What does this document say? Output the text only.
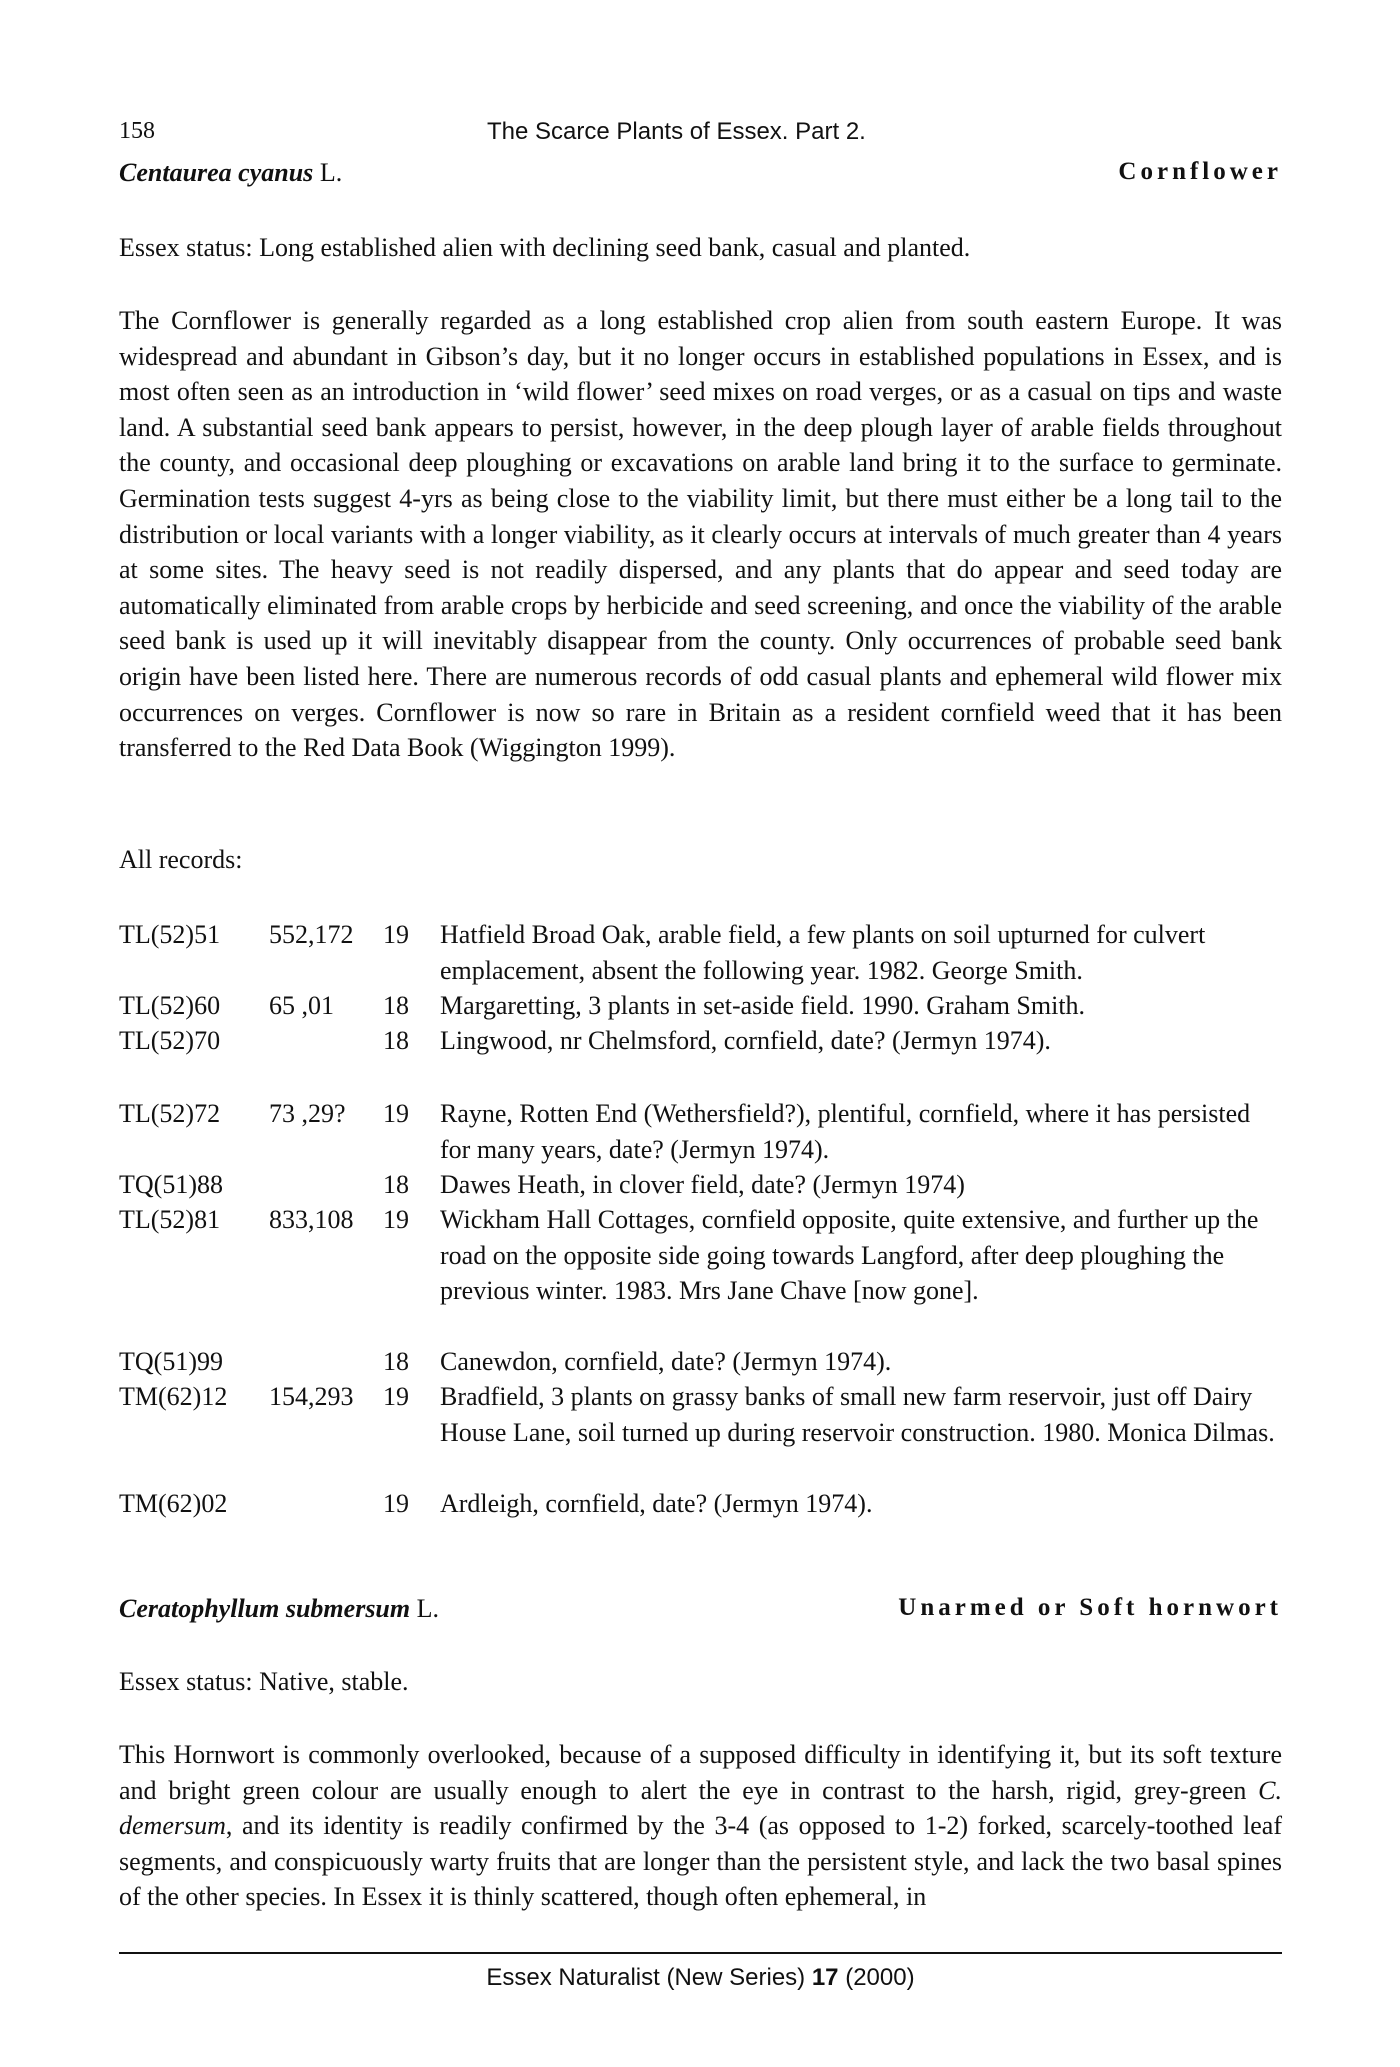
158	The Scarce Plants of Essex. Part 2.
Centaurea cyanus L.	Cornflower
Essex status: Long established alien with declining seed bank, casual and planted.

The Cornflower is generally regarded as a long established crop alien from south eastern Europe. It was widespread and abundant in Gibson’s day, but it no longer occurs in established populations in Essex, and is most often seen as an introduction in ‘wild flower’ seed mixes on road verges, or as a casual on tips and waste land. A substantial seed bank appears to persist, however, in the deep plough layer of arable fields throughout the county, and occasional deep ploughing or excavations on arable land bring it to the surface to germinate. Germination tests suggest 4-yrs as being close to the viability limit, but there must either be a long tail to the distribution or local variants with a longer viability, as it clearly occurs at intervals of much greater than 4 years at some sites. The heavy seed is not readily dispersed, and any plants that do appear and seed today are automatically eliminated from arable crops by herbicide and seed screening, and once the viability of the arable seed bank is used up it will inevitably disappear from the county. Only occurrences of probable seed bank origin have been listed here. There are numerous records of odd casual plants and ephemeral wild flower mix occurrences on verges. Cornflower is now so rare in Britain as a resident cornfield weed that it has been transferred to the Red Data Book (Wiggington 1999).

All records:
TL(52)51 552,172 19 Hatfield Broad Oak, arable field, a few plants on soil upturned for culvert emplacement, absent the following year. 1982. George Smith.
TL(52)60 65 ,01 18 Margaretting, 3 plants in set-aside field. 1990. Graham Smith.
TL(52)70	18 Lingwood, nr Chelmsford, cornfield, date? (Jermyn 1974).
TL(52)72 73 ,29? 19 Rayne, Rotten End (Wethersfield?), plentiful, cornfield, where it has persisted for many years, date? (Jermyn 1974).
TQ(51)88	18 Dawes Heath, in clover field, date? (Jermyn 1974)
TL(52)81 833,108 19 Wickham Hall Cottages, cornfield opposite, quite extensive, and further up the road on the opposite side going towards Langford, after deep ploughing the previous winter. 1983. Mrs Jane Chave [now gone].
TQ(51)99	18 Canewdon, cornfield, date? (Jermyn 1974).
TM(62)12 154,293 19 Bradfield, 3 plants on grassy banks of small new farm reservoir, just off Dairy House Lane, soil turned up during reservoir construction. 1980. Monica Dilmas.
TM(62)02	19 Ardleigh, cornfield, date? (Jermyn 1974).
Ceratophyllum submersum L.	Unarmed or Soft hornwort
Essex status: Native, stable.

This Hornwort is commonly overlooked, because of a supposed difficulty in identifying it, but its soft texture and bright green colour are usually enough to alert the eye in contrast to the harsh, rigid, grey-green C. demersum, and its identity is readily confirmed by the 3-4 (as opposed to 1-2) forked, scarcely-toothed leaf segments, and conspicuously warty fruits that are longer than the persistent style, and lack the two basal spines of the other species. In Essex it is thinly scattered, though often ephemeral, in

Essex Naturalist (New Series) 17 (2000)
